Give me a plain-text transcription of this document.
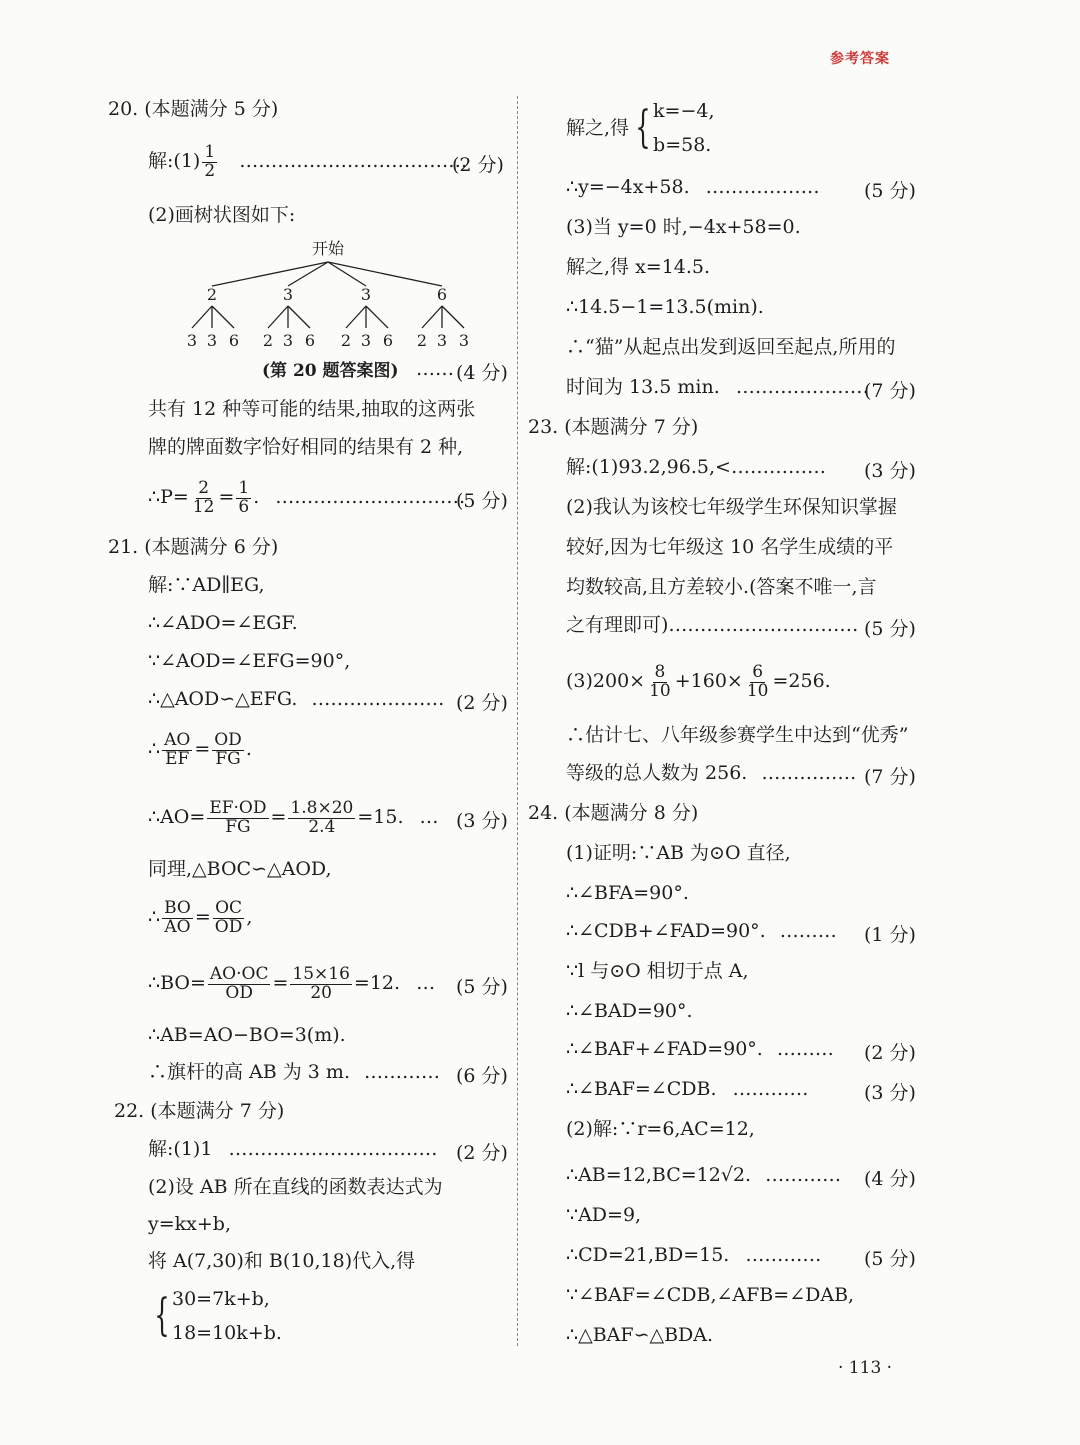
参考答案
20. (本题满分 5 分)
解:(1) $\frac{1}{2}$ ………………………………
(2 分)
(2)画树状图如下:
开始
2	3	3	6
3 3 6 2 3 6 2 3 6 2 3 3
(第 20 题答案图) …… (4 分)
共有 12 种等可能的结果,抽取的这两张
牌的牌面数字恰好相同的结果有 2 种,
∴P= $\frac{2}{12} = \frac{1}{6}$ . …………………………
(5 分)
21. (本题满分 6 分)
解:∵AD∥EG,
∴∠ADO=∠EGF.
∵∠AOD=∠EFG=90°,
∴△AOD∽△EFG. ………………… (2 分)
∴ $\frac{AO}{EF} = \frac{OD}{FG}$ .
∴AO= $\frac{EF\cdot OD}{FG} = \frac{1.8\times 20}{2.4} =15$. … (3 分)
同理,△BOC∽△AOD,
∴ $\frac{BO}{AO} = \frac{OC}{OD}$ ,
∴BO= $\frac{AO\cdot OC}{OD} = \frac{15\times 16}{20} =12$. … (5 分)
∴AB=AO−BO=3(m).
∴旗杆的高 AB 为 3 m. ………… (6 分)
22. (本题满分 7 分)
解:(1)1 …………………………… (2 分)
(2)设 AB 所在直线的函数表达式为
y=kx+b,
将 A(7,30)和 B(10,18)代入,得
{ 30=7k+b,
18=10k+b.
解之,得 { k=−4,
b=58.
∴y=−4x+58. ……………… (5 分)
(3)当 y=0 时,−4x+58=0.
解之,得 x=14.5.
∴14.5−1=13.5(min).
∴“猫”从起点出发到返回至起点,所用的
时间为 13.5 min. …………………
(7 分)
23. (本题满分 7 分)
解:(1)93.2,96.5,<…………… (3 分)
(2)我认为该校七年级学生环保知识掌握
较好,因为七年级这 10 名学生成绩的平
均数较高,且方差较小.(答案不唯一,言
之有理即可)………………………… (5 分)
$(3)200\times \frac{8}{10} +160\times \frac{6}{10} =256$.
∴估计七、八年级参赛学生中达到“优秀”
等级的总人数为 256. …………… (7 分)
24. (本题满分 8 分)
(1)证明:∵AB 为⊙O 直径,
∴∠BFA=90°.
∴∠CDB+∠FAD=90°. ……… (1 分)
∵l 与⊙O 相切于点 A,
∴∠BAD=90°.
∴∠BAF+∠FAD=90°. ……… (2 分)
∴∠BAF=∠CDB. …………	(3 分)
(2)解:∵r=6,AC=12,
∴AB=12,BC=12√2. ………… (4 分)
∵AD=9,
∴CD=21,BD=15. ………… (5 分)
∵∠BAF=∠CDB,∠AFB=∠DAB,
∴△BAF∽△BDA.
· 113 ·
